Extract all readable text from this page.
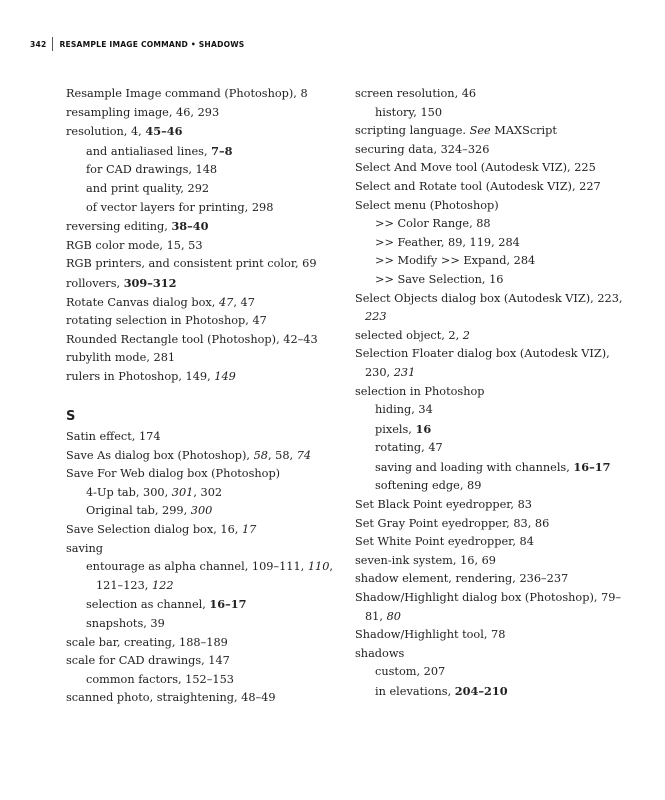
342 RESAMPLE IMAGE COMMAND • SHADOWS
Resample Image command (Photoshop), 8
resampling image, 46, 293
resolution, 4, 45–46
and antialiased lines, 7–8
for CAD drawings, 148
and print quality, 292
of vector layers for printing, 298
reversing editing, 38–40
RGB color mode, 15, 53
RGB printers, and consistent print color, 69
rollovers, 309–312
Rotate Canvas dialog box, 47, 47
rotating selection in Photoshop, 47
Rounded Rectangle tool (Photoshop), 42–43
rubylith mode, 281
rulers in Photoshop, 149, 149
S
Satin effect, 174
Save As dialog box (Photoshop), 58, 58, 74
Save For Web dialog box (Photoshop)
4-Up tab, 300, 301, 302
Original tab, 299, 300
Save Selection dialog box, 16, 17
saving
entourage as alpha channel, 109–111, 110, 121–123, 122
selection as channel, 16–17
snapshots, 39
scale bar, creating, 188–189
scale for CAD drawings, 147
common factors, 152–153
scanned photo, straightening, 48–49
screen resolution, 46
history, 150
scripting language. See MAXScript
securing data, 324–326
Select And Move tool (Autodesk VIZ), 225
Select and Rotate tool (Autodesk VIZ), 227
Select menu (Photoshop)
>> Color Range, 88
>> Feather, 89, 119, 284
>> Modify >> Expand, 284
>> Save Selection, 16
Select Objects dialog box (Autodesk VIZ), 223, 223
selected object, 2, 2
Selection Floater dialog box (Autodesk VIZ), 230, 231
selection in Photoshop
hiding, 34
pixels, 16
rotating, 47
saving and loading with channels, 16–17
softening edge, 89
Set Black Point eyedropper, 83
Set Gray Point eyedropper, 83, 86
Set White Point eyedropper, 84
seven-ink system, 16, 69
shadow element, rendering, 236–237
Shadow/Highlight dialog box (Photoshop), 79–81, 80
Shadow/Highlight tool, 78
shadows
custom, 207
in elevations, 204–210
